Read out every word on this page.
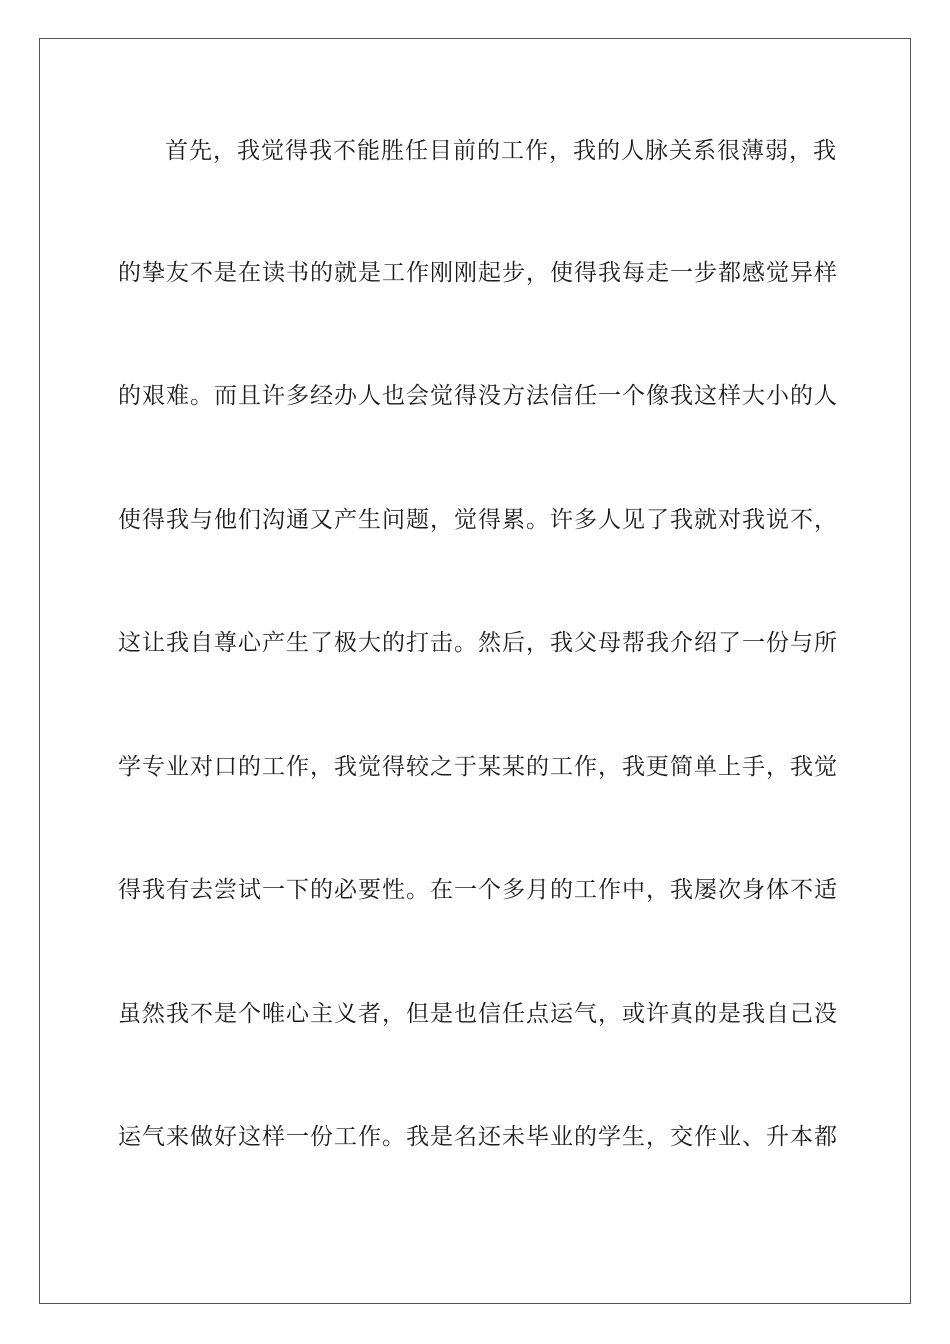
首先，我觉得我不能胜任目前的工作，我的人脉关系很薄弱，我
的挚友不是在读书的就是工作刚刚起步，使得我每走一步都感觉异样
的艰难。而且许多经办人也会觉得没方法信任一个像我这样大小的人
使得我与他们沟通又产生问题，觉得累。许多人见了我就对我说不，
这让我自尊心产生了极大的打击。然后，我父母帮我介绍了一份与所
学专业对口的工作，我觉得较之于某某的工作，我更简单上手，我觉
得我有去尝试一下的必要性。在一个多月的工作中，我屡次身体不适
虽然我不是个唯心主义者，但是也信任点运气，或许真的是我自己没
运气来做好这样一份工作。我是名还未毕业的学生，交作业、升本都
